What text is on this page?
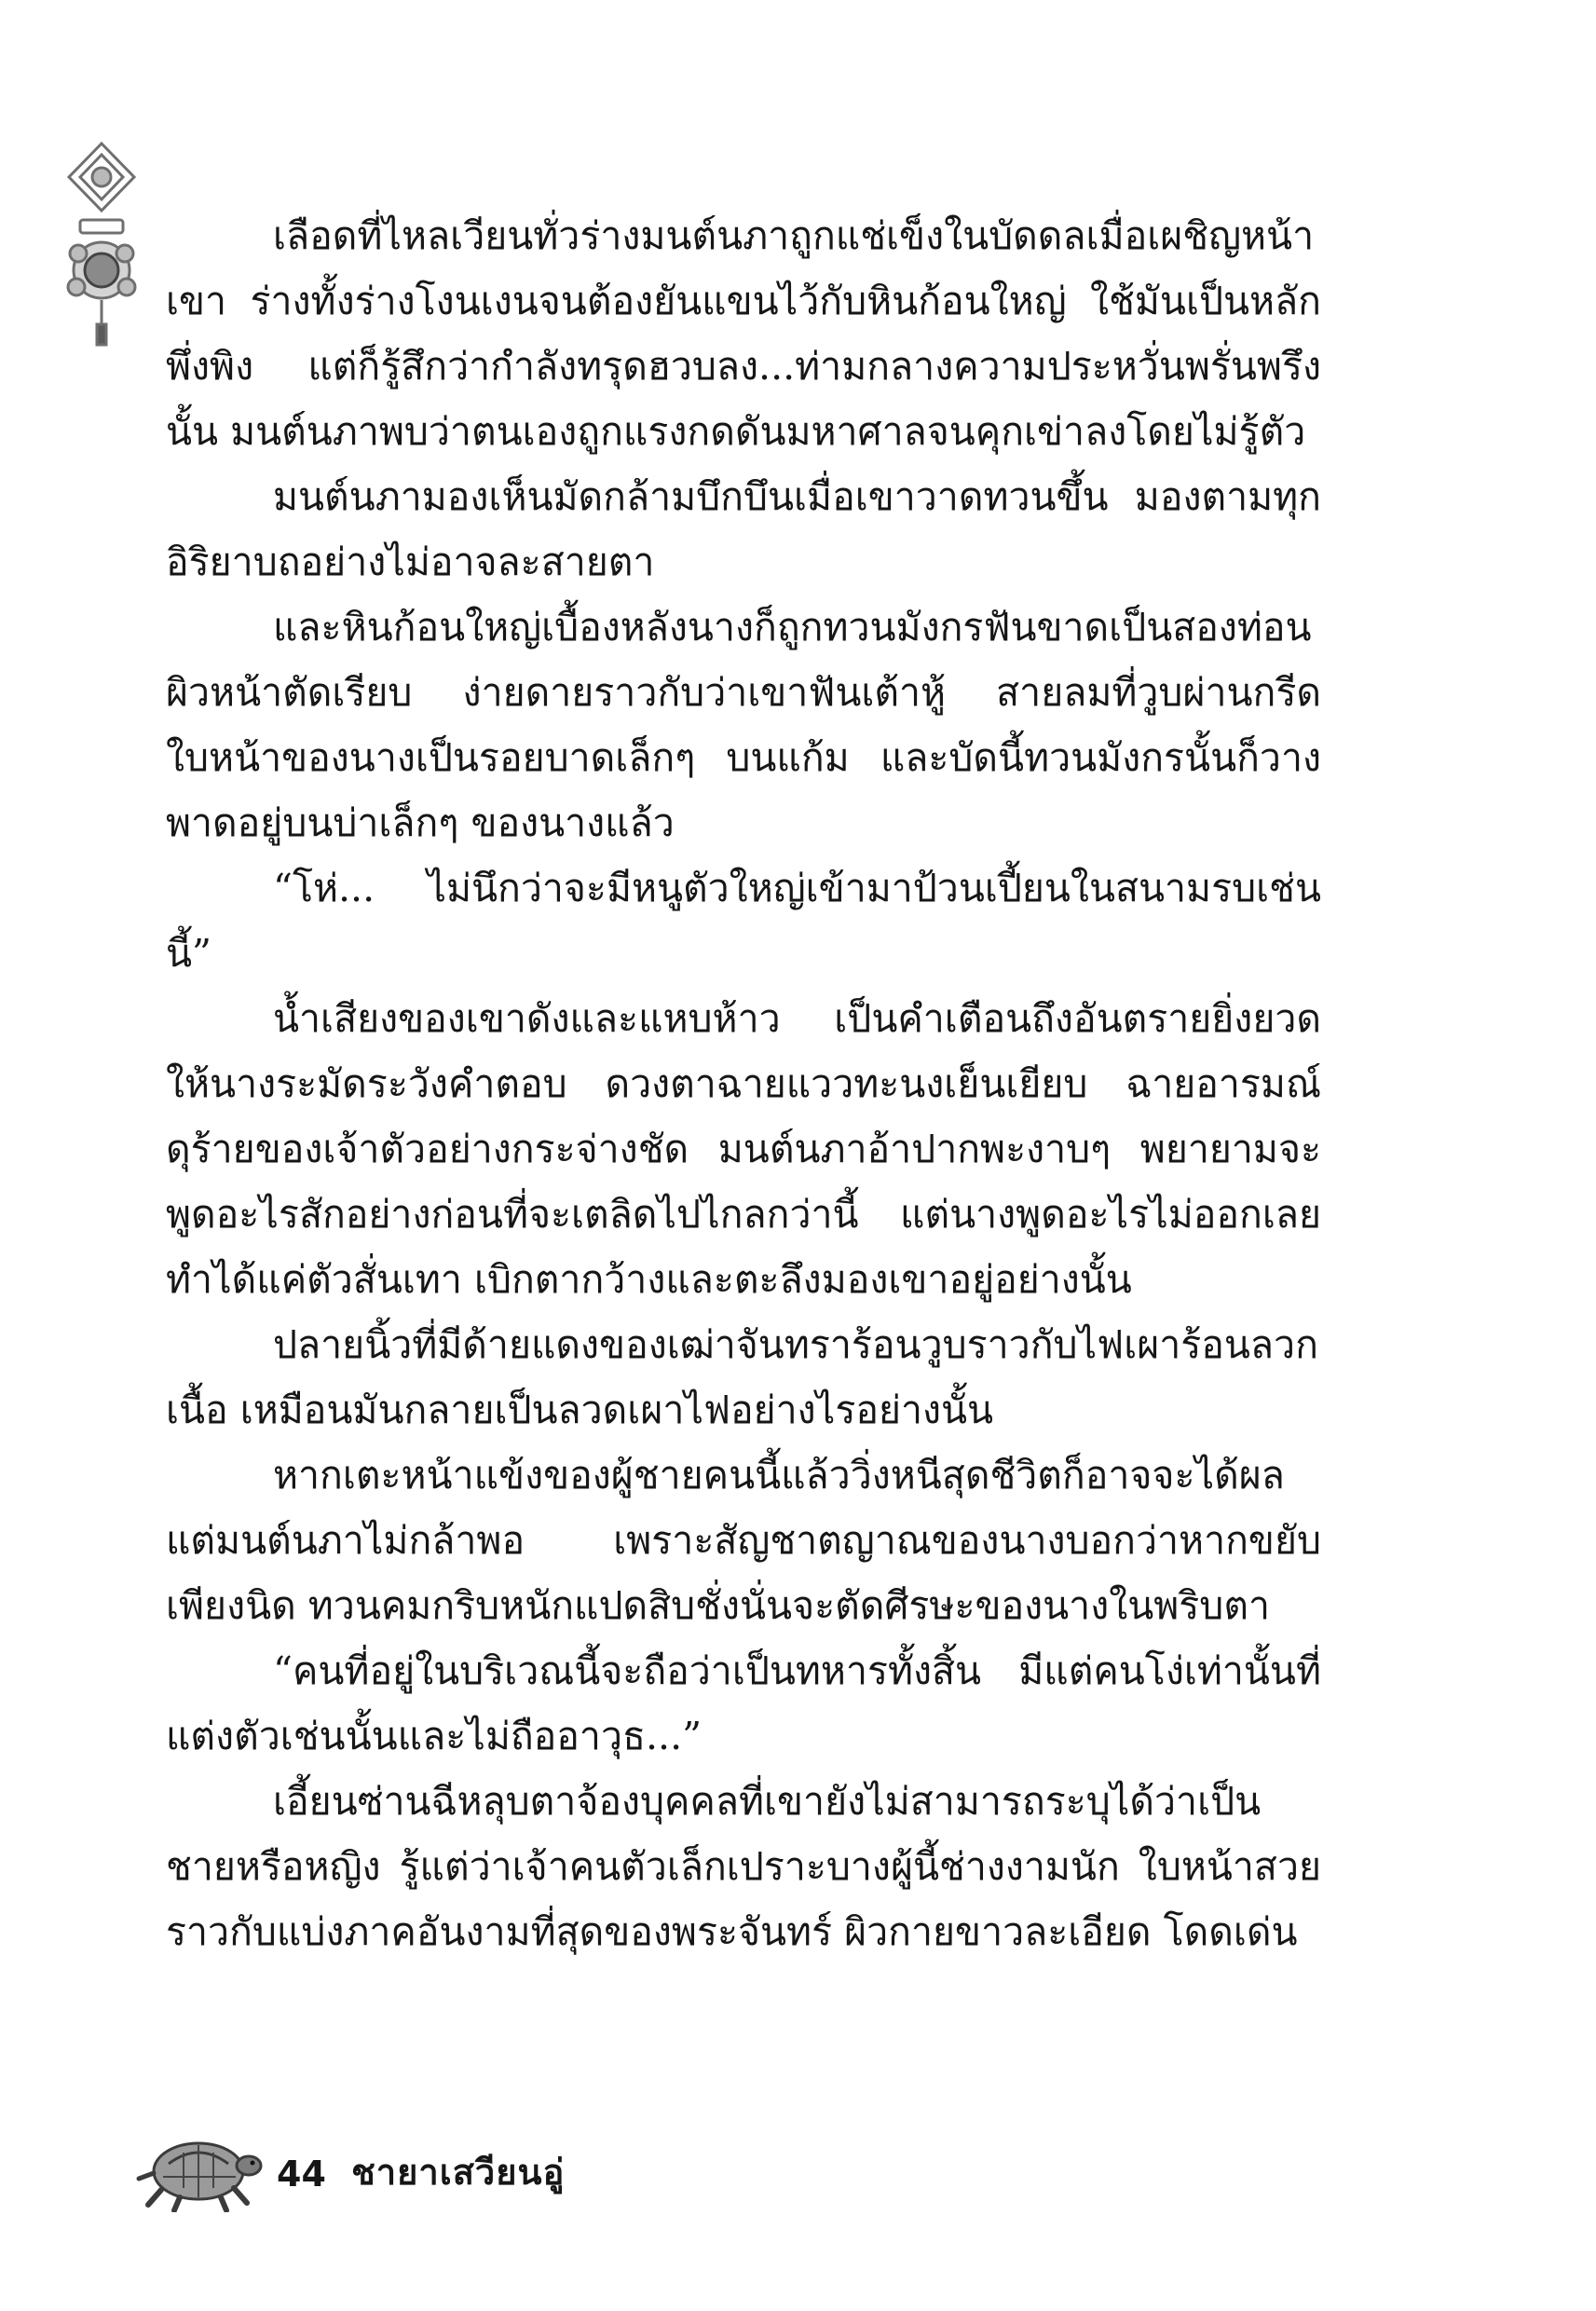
เลือดที่ไหลเวียนทั่วร่างมนต์นภาถูกแช่เข็งในบัดดลเมื่อเผชิญหน้าเขา ร่างทั้งร่างโงนเงนจนต้องยันแขนไว้กับหินก้อนใหญ่ ใช้มันเป็นหลักพึ่งพิง แต่ก็รู้สึกว่ากำลังทรุดฮวบลง...ท่ามกลางความประหวั่นพรั่นพรึงนั้น มนต์นภาพบว่าตนเองถูกแรงกดดันมหาศาลจนคุกเข่าลงโดยไม่รู้ตัว

มนต์นภามองเห็นมัดกล้ามบึกบึนเมื่อเขาวาดทวนขึ้น มองตามทุกอิริยาบถอย่างไม่อาจละสายตา

และหินก้อนใหญ่เบื้องหลังนางก็ถูกทวนมังกรฟันขาดเป็นสองท่อนผิวหน้าตัดเรียบ ง่ายดายราวกับว่าเขาฟันเต้าหู้ สายลมที่วูบผ่านกรีดใบหน้าของนางเป็นรอยบาดเล็กๆ บนแก้ม และบัดนี้ทวนมังกรนั้นก็วางพาดอยู่บนบ่าเล็กๆ ของนางแล้ว

“โห่... ไม่นึกว่าจะมีหนูตัวใหญ่เข้ามาป้วนเปี้ยนในสนามรบเช่นนี้”

น้ำเสียงของเขาดังและแหบห้าว เป็นคำเตือนถึงอันตรายยิ่งยวดให้นางระมัดระวังคำตอบ ดวงตาฉายแววทะนงเย็นเยียบ ฉายอารมณ์ดุร้ายของเจ้าตัวอย่างกระจ่างชัด มนต์นภาอ้าปากพะงาบๆ พยายามจะพูดอะไรสักอย่างก่อนที่จะเตลิดไปไกลกว่านี้ แต่นางพูดอะไรไม่ออกเลยทำได้แค่ตัวสั่นเทา เบิกตากว้างและตะลึงมองเขาอยู่อย่างนั้น

ปลายนิ้วที่มีด้ายแดงของเฒ่าจันทราร้อนวูบราวกับไฟเผาร้อนลวกเนื้อ เหมือนมันกลายเป็นลวดเผาไฟอย่างไรอย่างนั้น

หากเตะหน้าแข้งของผู้ชายคนนี้แล้ววิ่งหนีสุดชีวิตก็อาจจะได้ผลแต่มนต์นภาไม่กล้าพอ เพราะสัญชาตญาณของนางบอกว่าหากขยับเพียงนิด ทวนคมกริบหนักแปดสิบชั่งนั่นจะตัดศีรษะของนางในพริบตา

“คนที่อยู่ในบริเวณนี้จะถือว่าเป็นทหารทั้งสิ้น มีแต่คนโง่เท่านั้นที่แต่งตัวเช่นนั้นและไม่ถืออาวุธ...”

เอี้ยนซ่านฉีหลุบตาจ้องบุคคลที่เขายังไม่สามารถระบุได้ว่าเป็นชายหรือหญิง รู้แต่ว่าเจ้าคนตัวเล็กเปราะบางผู้นี้ช่างงามนัก ใบหน้าสวยราวกับแบ่งภาคอันงามที่สุดของพระจันทร์ ผิวกายขาวละเอียด โดดเด่น

44 ชายาเสวียนอู่
